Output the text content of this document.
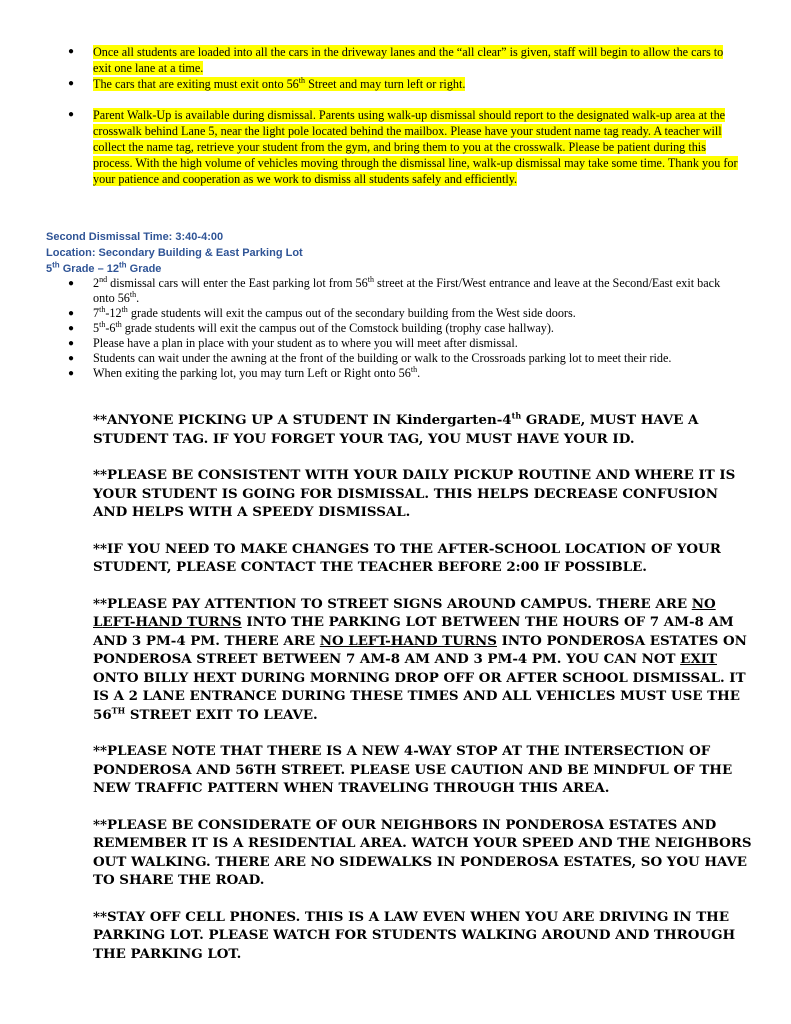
● Once all students are loaded into all the cars in the driveway lanes and the “all clear” is given, staff will begin to allow the cars to exit one lane at a time.
● The cars that are exiting must exit onto 56th Street and may turn left or right.
● Parent Walk-Up is available during dismissal. Parents using walk-up dismissal should report to the designated walk-up area at the crosswalk behind Lane 5, near the light pole located behind the mailbox. Please have your student name tag ready. A teacher will collect the name tag, retrieve your student from the gym, and bring them to you at the crosswalk. Please be patient during this process. With the high volume of vehicles moving through the dismissal line, walk-up dismissal may take some time. Thank you for your patience and cooperation as we work to dismiss all students safely and efficiently.

Second Dismissal Time: 3:40-4:00

Location: Secondary Building & East Parking Lot

5th Grade – 12th Grade

● 2nd dismissal cars will enter the East parking lot from 56th street at the First/West entrance and leave at the Second/East exit back onto 56th.
● 7th-12th grade students will exit the campus out of the secondary building from the West side doors.
● 5th-6th grade students will exit the campus out of the Comstock building (trophy case hallway).
● Please have a plan in place with your student as to where you will meet after dismissal.
● Students can wait under the awning at the front of the building or walk to the Crossroads parking lot to meet their ride.
● When exiting the parking lot, you may turn Left or Right onto 56th.

**ANYONE PICKING UP A STUDENT IN Kindergarten-4th GRADE, MUST HAVE A STUDENT TAG. IF YOU FORGET YOUR TAG, YOU MUST HAVE YOUR ID.

**PLEASE BE CONSISTENT WITH YOUR DAILY PICKUP ROUTINE AND WHERE IT IS YOUR STUDENT IS GOING FOR DISMISSAL. THIS HELPS DECREASE CONFUSION AND HELPS WITH A SPEEDY DISMISSAL.

**IF YOU NEED TO MAKE CHANGES TO THE AFTER-SCHOOL LOCATION OF YOUR STUDENT, PLEASE CONTACT THE TEACHER BEFORE 2:00 IF POSSIBLE.

**PLEASE PAY ATTENTION TO STREET SIGNS AROUND CAMPUS. THERE ARE NO LEFT-HAND TURNS INTO THE PARKING LOT BETWEEN THE HOURS OF 7 AM-8 AM AND 3 PM-4 PM. THERE ARE NO LEFT-HAND TURNS INTO PONDEROSA ESTATES ON PONDEROSA STREET BETWEEN 7 AM-8 AM AND 3 PM-4 PM. YOU CAN NOT EXIT ONTO BILLY HEXT DURING MORNING DROP OFF OR AFTER SCHOOL DISMISSAL. IT IS A 2 LANE ENTRANCE DURING THESE TIMES AND ALL VEHICLES MUST USE THE 56TH STREET EXIT TO LEAVE.

**PLEASE NOTE THAT THERE IS A NEW 4-WAY STOP AT THE INTERSECTION OF PONDEROSA AND 56TH STREET. PLEASE USE CAUTION AND BE MINDFUL OF THE NEW TRAFFIC PATTERN WHEN TRAVELING THROUGH THIS AREA.

**PLEASE BE CONSIDERATE OF OUR NEIGHBORS IN PONDEROSA ESTATES AND REMEMBER IT IS A RESIDENTIAL AREA. WATCH YOUR SPEED AND THE NEIGHBORS OUT WALKING. THERE ARE NO SIDEWALKS IN PONDEROSA ESTATES, SO YOU HAVE TO SHARE THE ROAD.

**STAY OFF CELL PHONES. THIS IS A LAW EVEN WHEN YOU ARE DRIVING IN THE PARKING LOT. PLEASE WATCH FOR STUDENTS WALKING AROUND AND THROUGH THE PARKING LOT.
